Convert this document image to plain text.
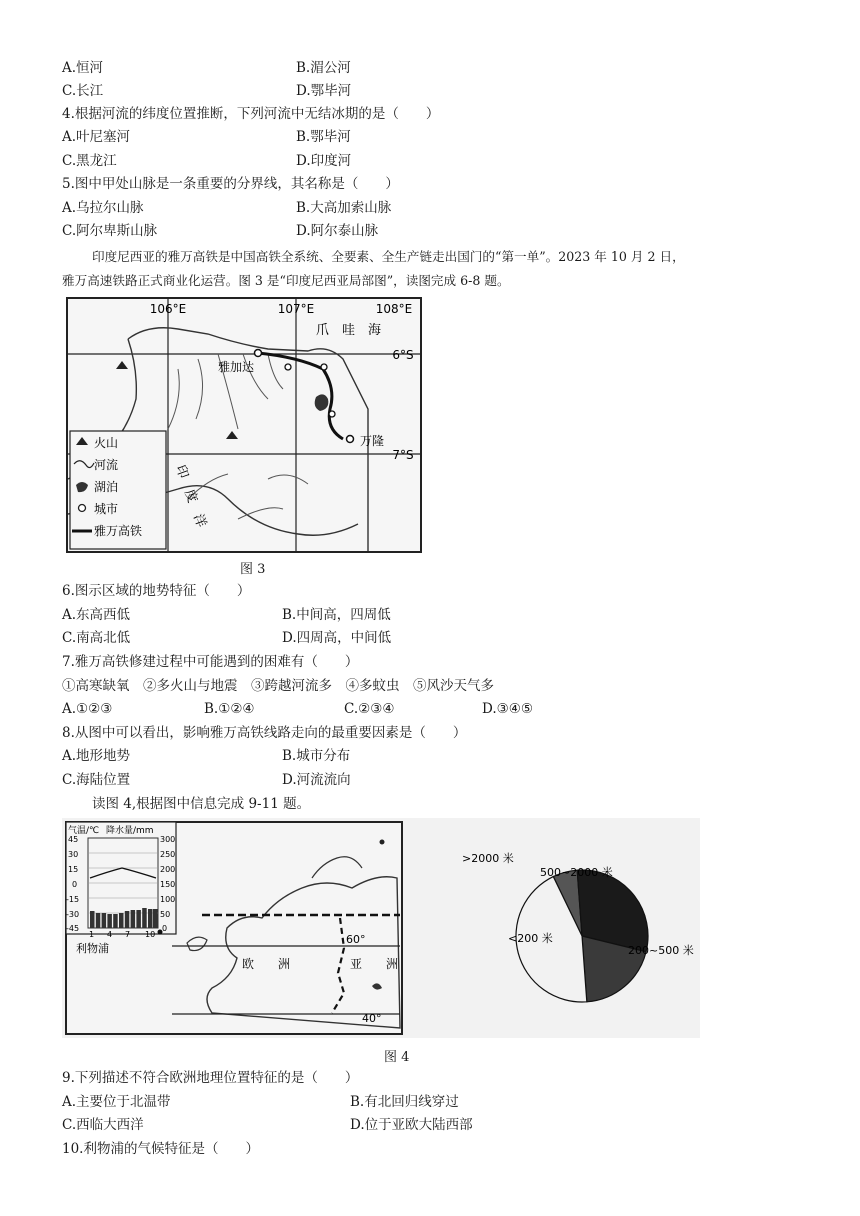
A.恒河	B.湄公河
C.长江	D.鄂毕河
4.根据河流的纬度位置推断，下列河流中无结冰期的是（　　）
A.叶尼塞河	B.鄂毕河
C.黑龙江	D.印度河
5.图中甲处山脉是一条重要的分界线，其名称是（　　）
A.乌拉尔山脉	B.大高加索山脉
C.阿尔卑斯山脉	D.阿尔泰山脉
印度尼西亚的雅万高铁是中国高铁全系统、全要素、全生产链走出国门的“第一单”。2023 年 10 月 2 日，
雅万高速铁路正式商业化运营。图 3 是“印度尼西亚局部图”，读图完成 6-8 题。
106°E	107°E	108°E
6°S
7°S
爪　哇　海
印　度　洋
雅加达
万隆
火山
河流
湖泊
城市
雅万高铁
图 3
6.图示区域的地势特征（　　）
A.东高西低	B.中间高，四周低
C.南高北低	D.四周高，中间低
7.雅万高铁修建过程中可能遇到的困难有（　　）
①高寒缺氧　②多火山与地震　③跨越河流多　④多蚊虫　⑤风沙天气多
A.①②③	B.①②④	C.②③④	D.③④⑤
8.从图中可以看出，影响雅万高铁线路走向的最重要因素是（　　）
A.地形地势	B.城市分布
C.海陆位置	D.河流流向
读图 4,根据图中信息完成 9-11 题。
气温/℃ 降水量/mm
45
30
15
0
-15
-30
-45
300
250
200
150
100
50
0
1 4 7 10
利物浦
60°
40°
欧　　洲	亚　　洲
>2000 米
500~2000 米
200~500 米
<200 米
图 4
9.下列描述不符合欧洲地理位置特征的是（　　）
A.主要位于北温带	B.有北回归线穿过
C.西临大西洋	D.位于亚欧大陆西部
10.利物浦的气候特征是（　　）
